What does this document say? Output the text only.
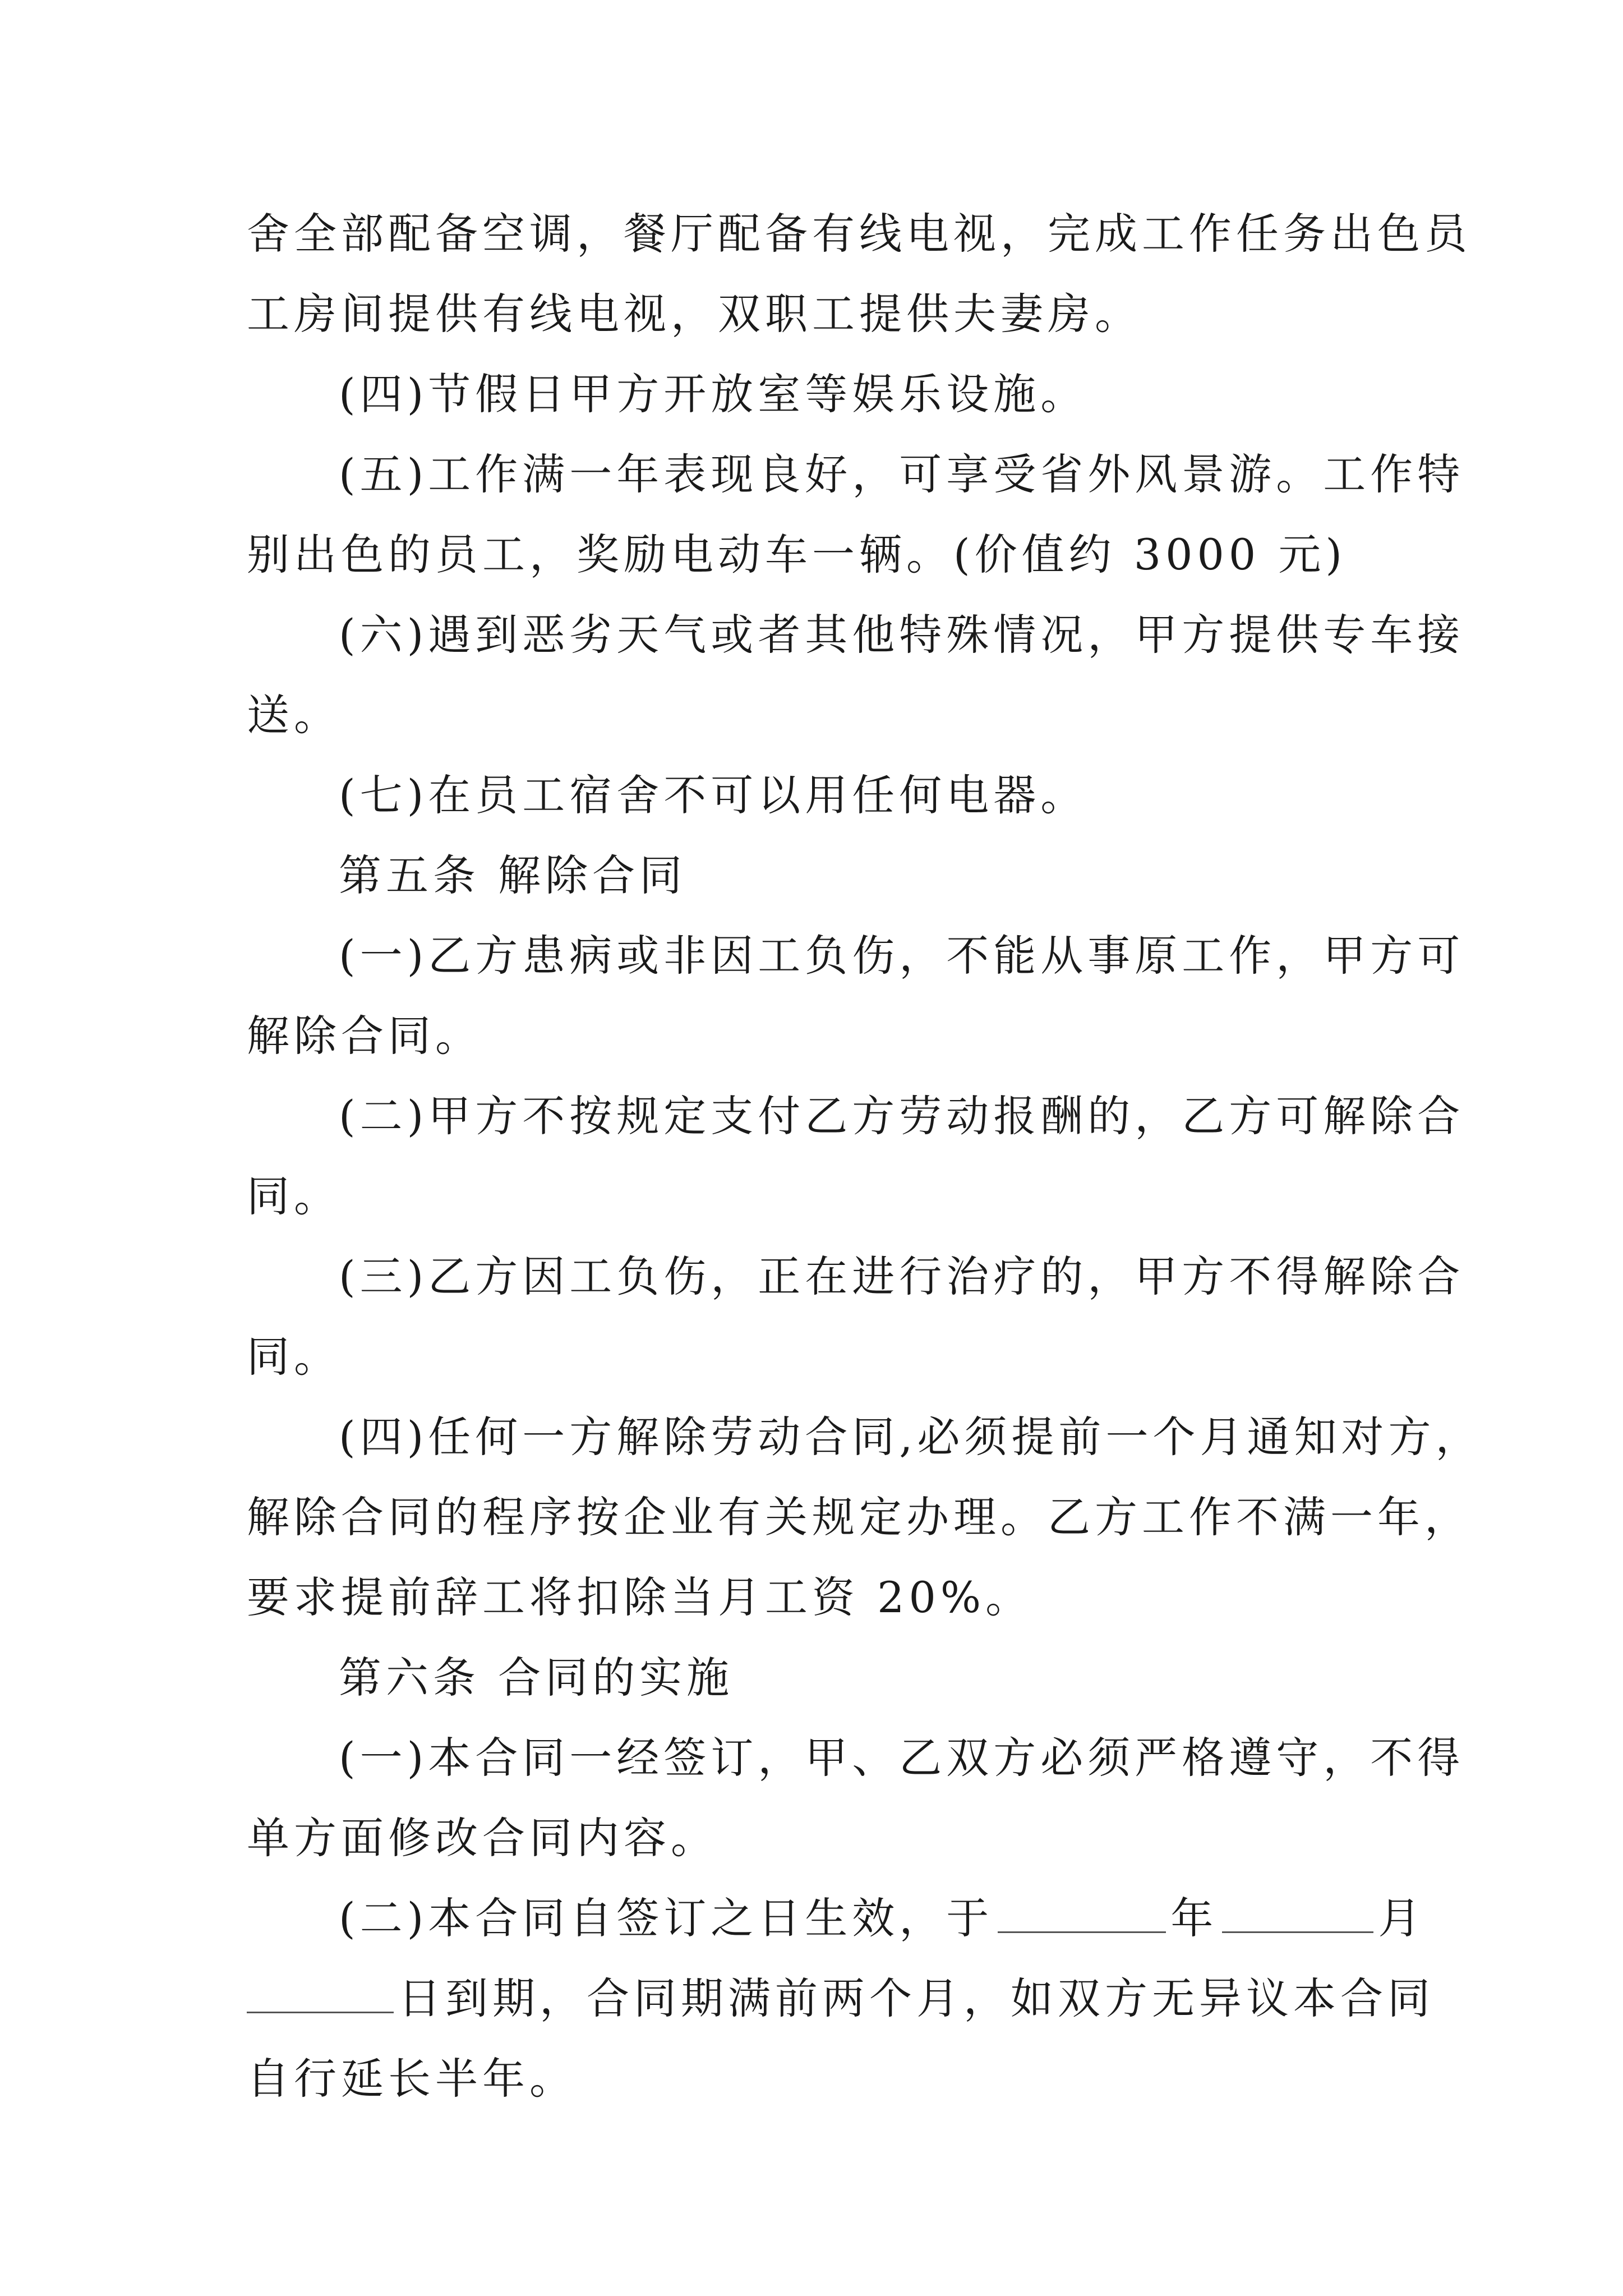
舍全部配备空调，餐厅配备有线电视，完成工作任务出色员
工房间提供有线电视，双职工提供夫妻房。
(四)节假日甲方开放室等娱乐设施。
(五)工作满一年表现良好，可享受省外风景游。工作特
别出色的员工，奖励电动车一辆。(价值约 3000 元)
(六)遇到恶劣天气或者其他特殊情况，甲方提供专车接
送。
(七)在员工宿舍不可以用任何电器。
第五条 解除合同
(一)乙方患病或非因工负伤，不能从事原工作，甲方可
解除合同。
(二)甲方不按规定支付乙方劳动报酬的，乙方可解除合
同。
(三)乙方因工负伤，正在进行治疗的，甲方不得解除合
同。
(四)任何一方解除劳动合同,必须提前一个月通知对方，
解除合同的程序按企业有关规定办理。乙方工作不满一年，
要求提前辞工将扣除当月工资 20%。
第六条 合同的实施
(一)本合同一经签订，甲、乙双方必须严格遵守，不得
单方面修改合同内容。
(二)本合同自签订之日生效，于	年	月
日到期，合同期满前两个月，如双方无异议本合同
自行延长半年。
